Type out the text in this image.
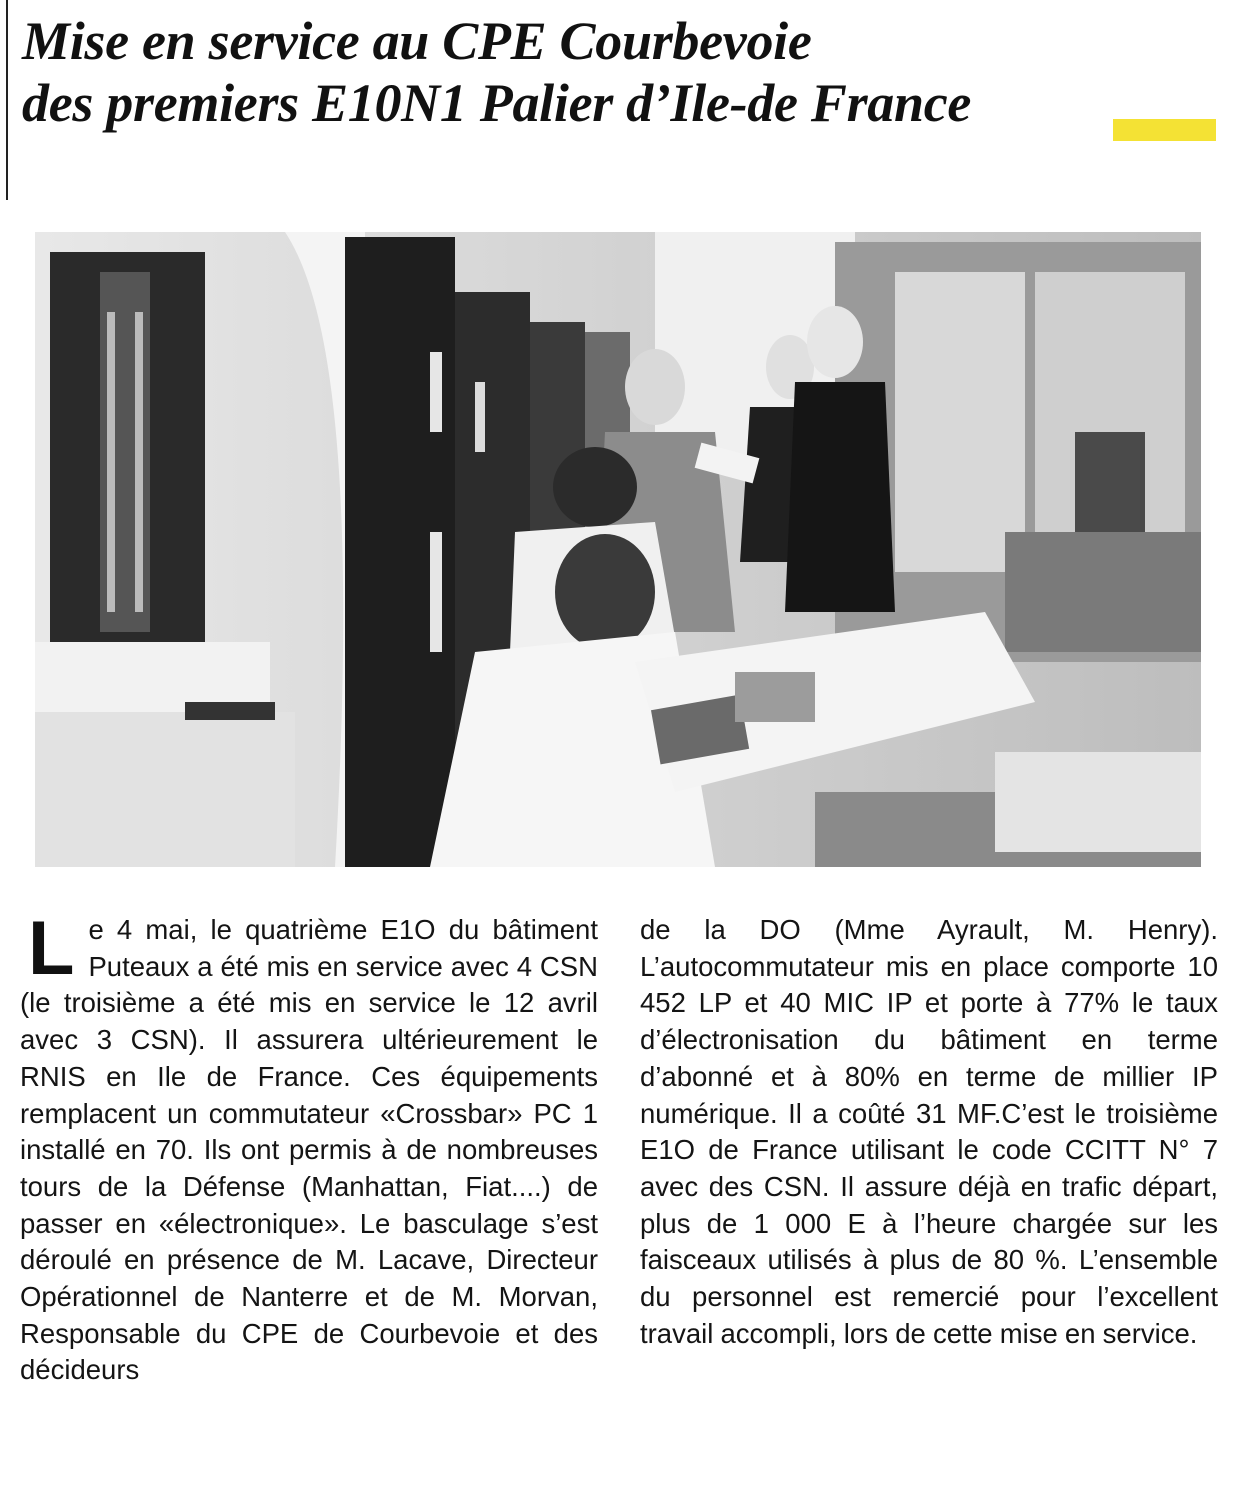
Mise en service au CPE Courbevoie
des premiers E10N1 Palier d’Ile-de France
L e 4 mai, le quatrième E1O du bâtiment Puteaux a été mis en service avec 4 CSN (le troisième a été mis en service le 12 avril avec 3 CSN). Il assurera ultérieurement le RNIS en Ile de France. Ces équipements remplacent un commutateur «Crossbar» PC 1 installé en 70. Ils ont permis à de nombreuses tours de la Défense (Manhattan, Fiat....) de passer en «électronique». Le basculage s’est déroulé en présence de M. Lacave, Directeur Opérationnel de Nanterre et de M. Morvan, Responsable du CPE de Courbevoie et des décideurs
de la DO (Mme Ayrault, M. Henry). L’autocommutateur mis en place comporte 10 452 LP et 40 MIC IP et porte à 77% le taux d’électronisation du bâtiment en terme d’abonné et à 80% en terme de millier IP numérique. Il a coûté 31 MF.C’est le troisième E1O de France utilisant le code CCITT N° 7 avec des CSN. Il assure déjà en trafic départ, plus de 1 000 E à l’heure chargée sur les faisceaux utilisés à plus de 80 %. L’ensemble du personnel est remercié pour l’excellent travail accompli, lors de cette mise en service.
